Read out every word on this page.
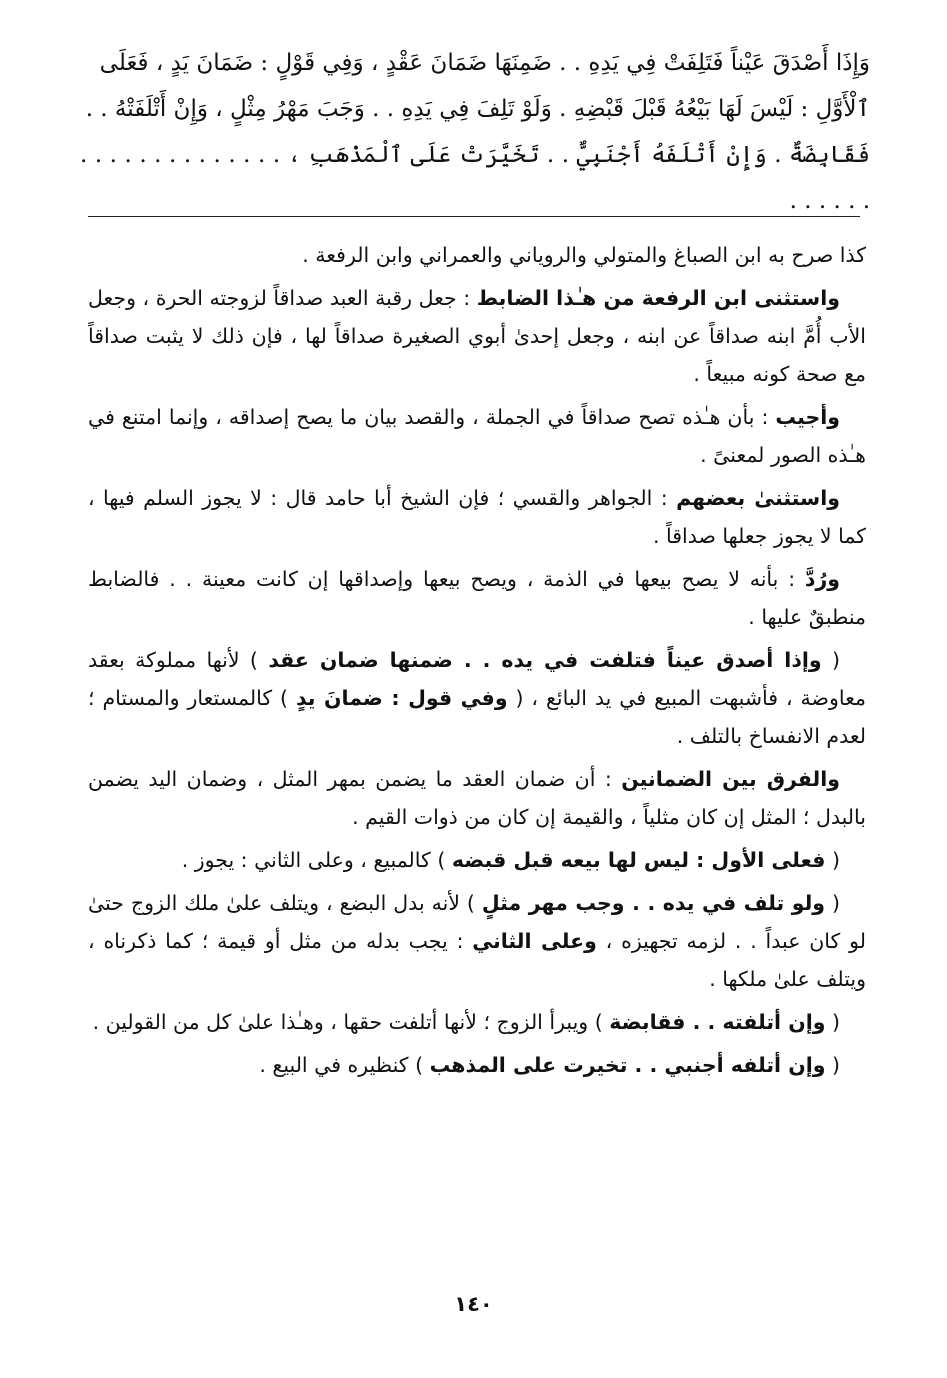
وَإِذَا أَصْدَقَ عَيْناً فَتَلِفَتْ فِي يَدِهِ . . ضَمِنَهَا ضَمَانَ عَقْدٍ ، وَفِي قَوْلٍ : ضَمَانَ يَدٍ ، فَعَلَى

ٱلْأَوَّلِ : لَيْسَ لَهَا بَيْعُهُ قَبْلَ قَبْضِهِ . وَلَوْ تَلِفَ فِي يَدِهِ . . وَجَبَ مَهْرُ مِثْلٍ ، وَإِنْ أَتْلَفَتْهُ . .

فَقَابِضَةٌ . وَإِنْ أَتْلَفَهُ أَجْنَبِيٌّ . . تَخَيَّرَتْ عَلَى ٱلْمَذْهَبِ ، . . . . . . . . . . . . . . . . . . . .

كذا صرح به ابن الصباغ والمتولي والروياني والعمراني وابن الرفعة .

واستثنى ابن الرفعة من هـٰذا الضابط : جعل رقبة العبد صداقاً لزوجته الحرة ، وجعل الأب أُمَّ ابنه صداقاً عن ابنه ، وجعل إحدىٰ أبوي الصغيرة صداقاً لها ، فإن ذلك لا يثبت صداقاً مع صحة كونه مبيعاً .

وأجيب : بأن هـٰذه تصح صداقاً في الجملة ، والقصد بيان ما يصح إصداقه ، وإنما امتنع في هـٰذه الصور لمعنىً .

واستثنىٰ بعضهم : الجواهر والقسي ؛ فإن الشيخ أبا حامد قال : لا يجوز السلم فيها ، كما لا يجوز جعلها صداقاً .

ورُدَّ : بأنه لا يصح بيعها في الذمة ، ويصح بيعها وإصداقها إن كانت معينة . . فالضابط منطبقٌ عليها .

( وإذا أصدق عيناً فتلفت في يده . . ضمنها ضمان عقد ) لأنها مملوكة بعقد معاوضة ، فأشبهت المبيع في يد البائع ، ( وفي قول : ضمانَ يدٍ ) كالمستعار والمستام ؛ لعدم الانفساخ بالتلف .

والفرق بين الضمانين : أن ضمان العقد ما يضمن بمهر المثل ، وضمان اليد يضمن بالبدل ؛ المثل إن كان مثلياً ، والقيمة إن كان من ذوات القيم .

( فعلى الأول : ليس لها بيعه قبل قبضه ) كالمبيع ، وعلى الثاني : يجوز .

( ولو تلف في يده . . وجب مهر مثلٍ ) لأنه بدل البضع ، ويتلف علىٰ ملك الزوج حتىٰ لو كان عبداً . . لزمه تجهيزه ، وعلى الثاني : يجب بدله من مثل أو قيمة ؛ كما ذكرناه ، ويتلف علىٰ ملكها .

( وإن أتلفته . . فقابضة ) ويبرأ الزوج ؛ لأنها أتلفت حقها ، وهـٰذا علىٰ كل من القولين .

( وإن أتلفه أجنبي . . تخيرت على المذهب ) كنظيره في البيع .

١٤٠
